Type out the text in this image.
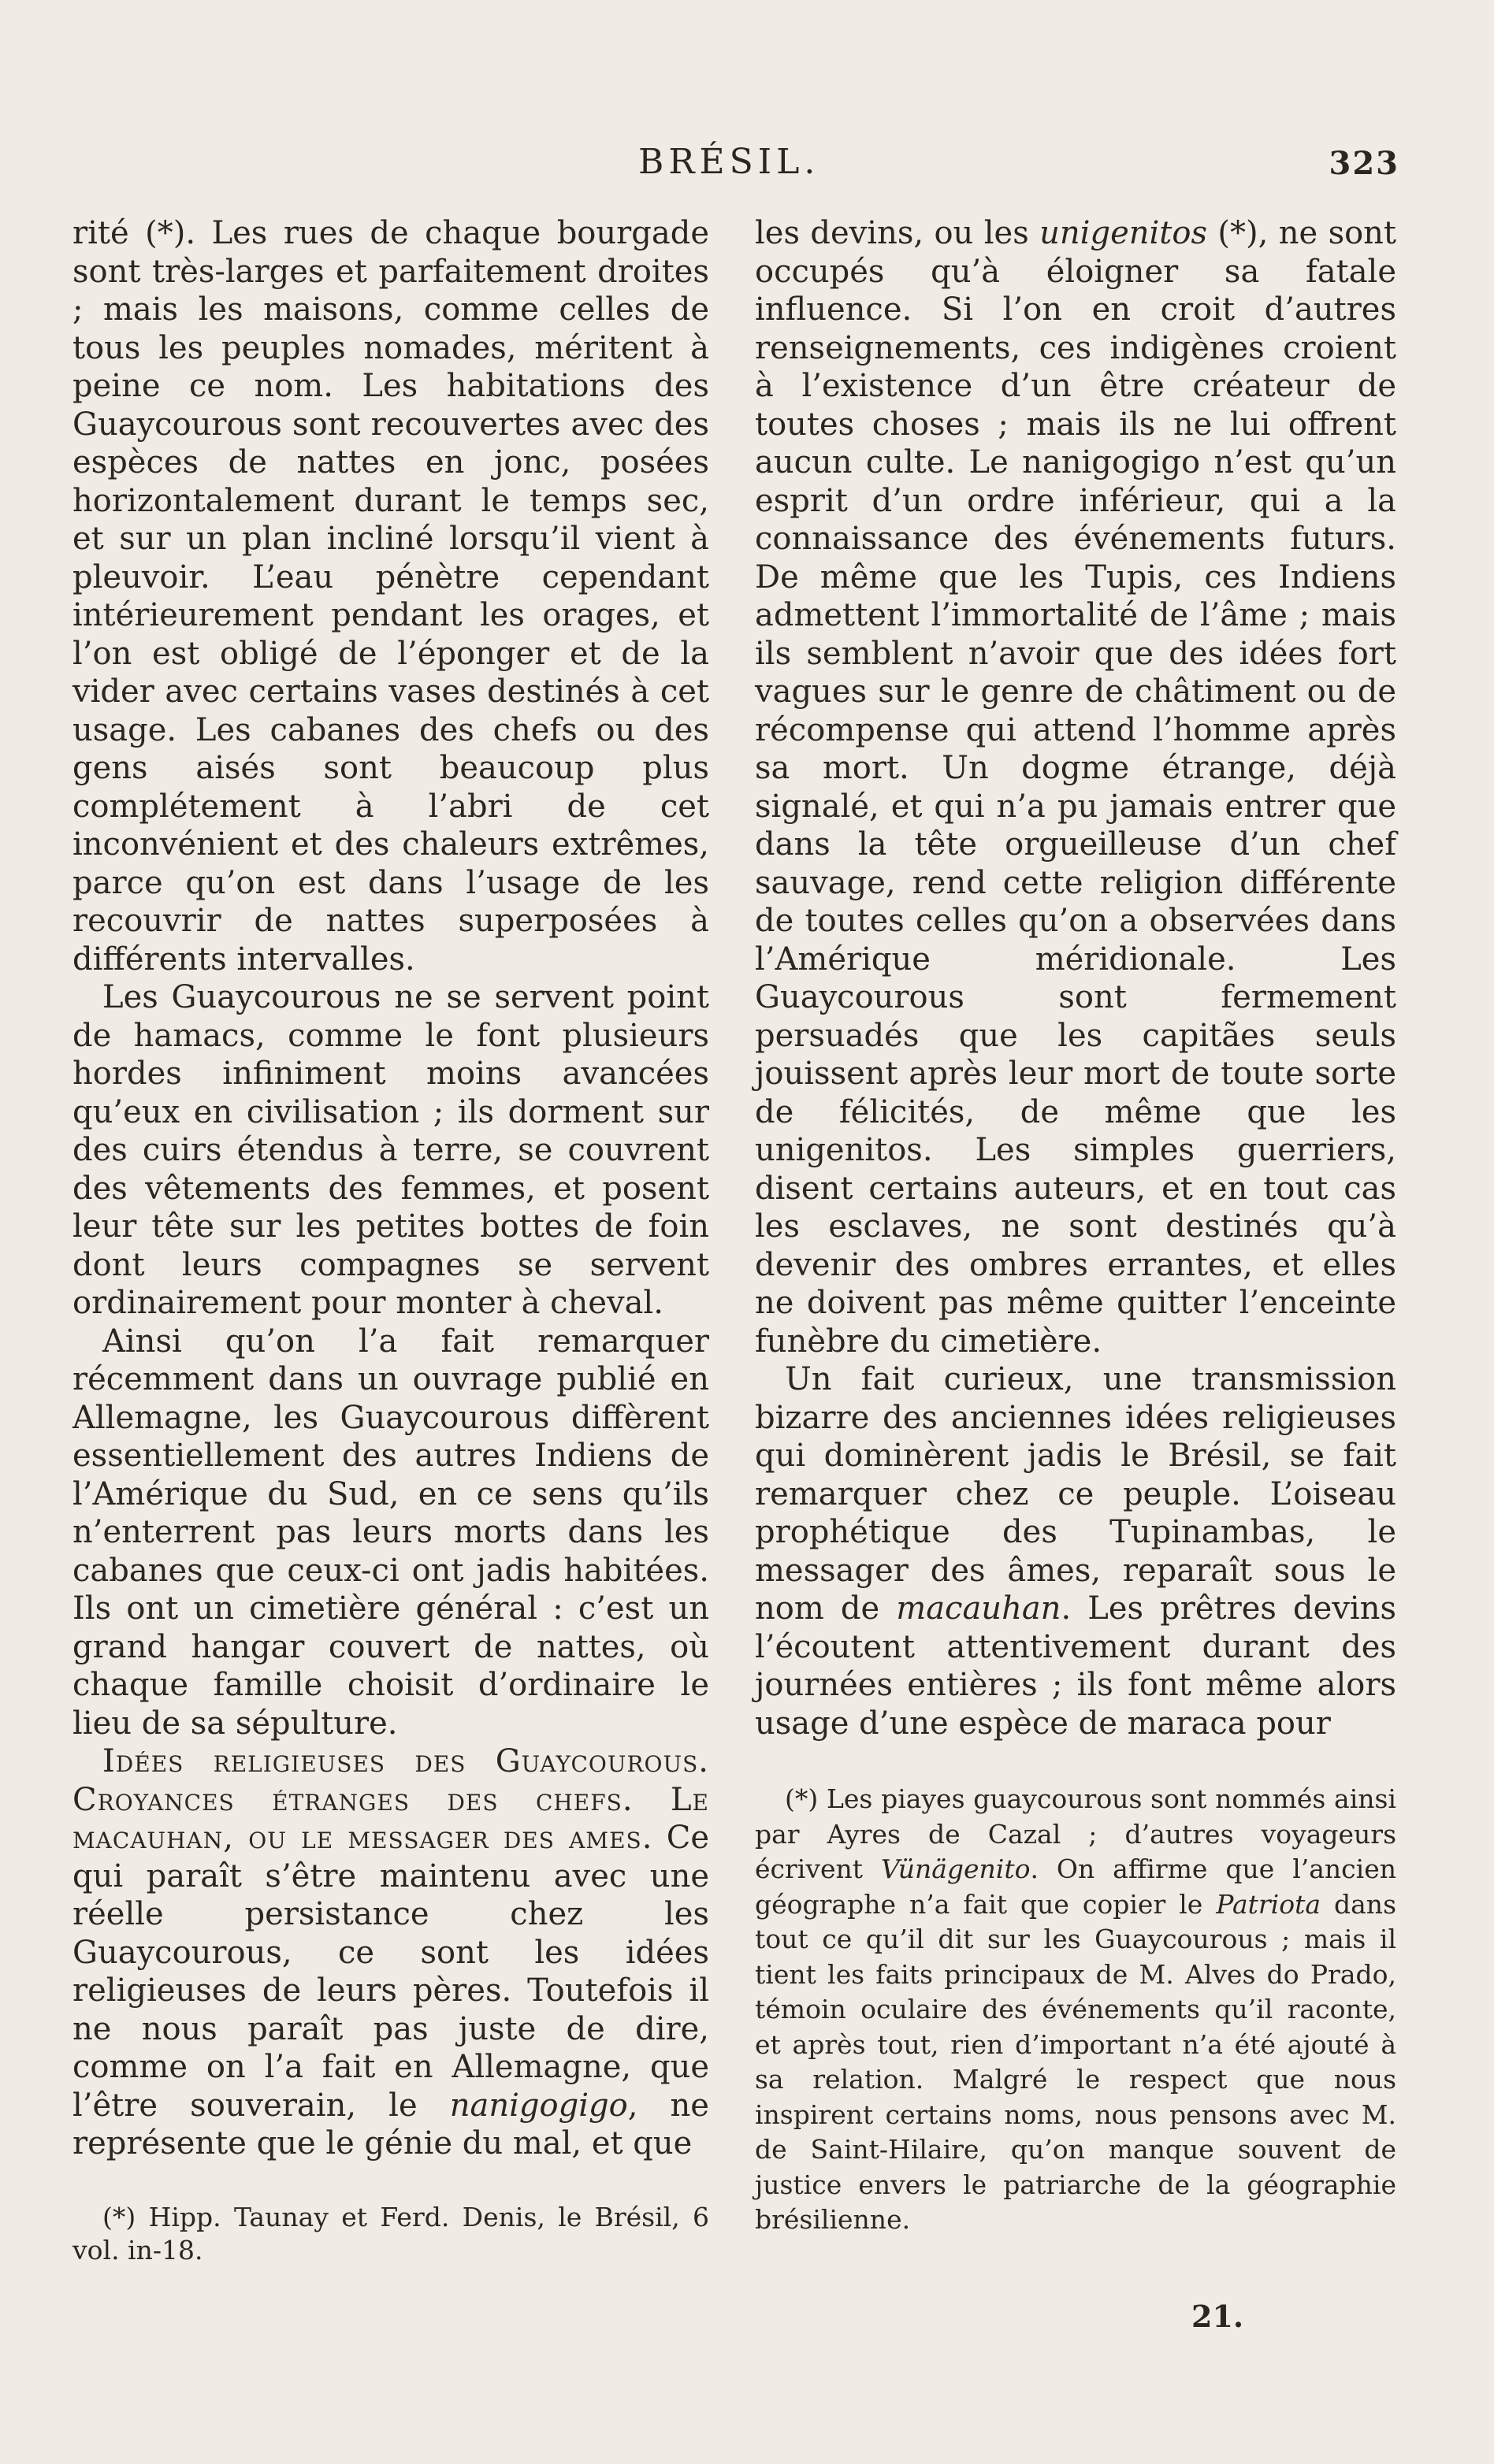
BRÉSIL.	323

rité (*). Les rues de chaque bourgade sont très-larges et parfaitement droites ; mais les maisons, comme celles de tous les peuples nomades, méritent à peine ce nom. Les habitations des Guaycourous sont recouvertes avec des espèces de nattes en jonc, posées horizontalement durant le temps sec, et sur un plan incliné lorsqu’il vient à pleuvoir. L’eau pénètre cependant intérieurement pendant les orages, et l’on est obligé de l’éponger et de la vider avec certains vases destinés à cet usage. Les cabanes des chefs ou des gens aisés sont beaucoup plus complétement à l’abri de cet inconvénient et des chaleurs extrêmes, parce qu’on est dans l’usage de les recouvrir de nattes superposées à différents intervalles.

Les Guaycourous ne se servent point de hamacs, comme le font plusieurs hordes infiniment moins avancées qu’eux en civilisation ; ils dorment sur des cuirs étendus à terre, se couvrent des vêtements des femmes, et posent leur tête sur les petites bottes de foin dont leurs compagnes se servent ordinairement pour monter à cheval.

Ainsi qu’on l’a fait remarquer récemment dans un ouvrage publié en Allemagne, les Guaycourous diffèrent essentiellement des autres Indiens de l’Amérique du Sud, en ce sens qu’ils n’enterrent pas leurs morts dans les cabanes que ceux-ci ont jadis habitées. Ils ont un cimetière général : c’est un grand hangar couvert de nattes, où chaque famille choisit d’ordinaire le lieu de sa sépulture.

Idées religieuses des Guaycourous. Croyances étranges des chefs. Le macauhan, ou le messager des ames. Ce qui paraît s’être maintenu avec une réelle persistance chez les Guaycourous, ce sont les idées religieuses de leurs pères. Toutefois il ne nous paraît pas juste de dire, comme on l’a fait en Allemagne, que l’être souverain, le nanigogigo, ne représente que le génie du mal, et que

les devins, ou les unigenitos (*), ne sont occupés qu’à éloigner sa fatale influence. Si l’on en croit d’autres renseignements, ces indigènes croient à l’existence d’un être créateur de toutes choses ; mais ils ne lui offrent aucun culte. Le nanigogigo n’est qu’un esprit d’un ordre inférieur, qui a la connaissance des événements futurs. De même que les Tupis, ces Indiens admettent l’immortalité de l’âme ; mais ils semblent n’avoir que des idées fort vagues sur le genre de châtiment ou de récompense qui attend l’homme après sa mort. Un dogme étrange, déjà signalé, et qui n’a pu jamais entrer que dans la tête orgueilleuse d’un chef sauvage, rend cette religion différente de toutes celles qu’on a observées dans l’Amérique méridionale. Les Guaycourous sont fermement persuadés que les capitães seuls jouissent après leur mort de toute sorte de félicités, de même que les unigenitos. Les simples guerriers, disent certains auteurs, et en tout cas les esclaves, ne sont destinés qu’à devenir des ombres errantes, et elles ne doivent pas même quitter l’enceinte funèbre du cimetière.

Un fait curieux, une transmission bizarre des anciennes idées religieuses qui dominèrent jadis le Brésil, se fait remarquer chez ce peuple. L’oiseau prophétique des Tupinambas, le messager des âmes, reparaît sous le nom de macauhan. Les prêtres devins l’écoutent attentivement durant des journées entières ; ils font même alors usage d’une espèce de maraca pour

(*) Les piayes guaycourous sont nommés ainsi par Ayres de Cazal ; d’autres voyageurs écrivent Vünägenito. On affirme que l’ancien géographe n’a fait que copier le Patriota dans tout ce qu’il dit sur les Guaycourous ; mais il tient les faits principaux de M. Alves do Prado, témoin oculaire des événements qu’il raconte, et après tout, rien d’important n’a été ajouté à sa relation. Malgré le respect que nous inspirent certains noms, nous pensons avec M. de Saint-Hilaire, qu’on manque souvent de justice envers le patriarche de la géographie brésilienne.

(*) Hipp. Taunay et Ferd. Denis, le Brésil, 6 vol. in-18.

21.
